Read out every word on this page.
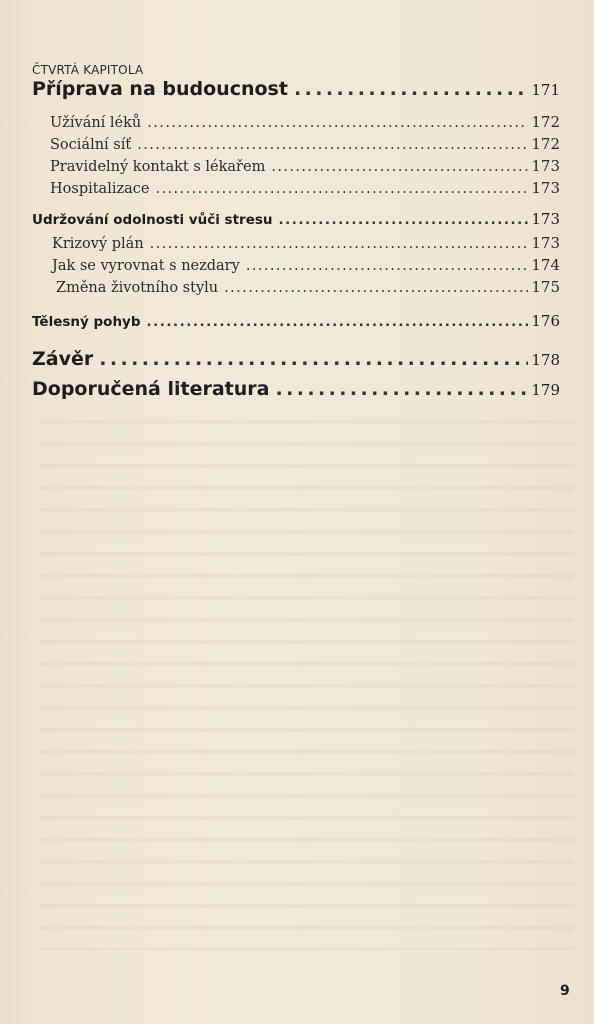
ČTVRTÁ KAPITOLA
Příprava na budoucnost . . .	171
Užívání léků . . .	172
Sociální síť . . .	172
Pravidelný kontakt s lékařem . . .	173
Hospitalizace . . .	173
Udržování odolnosti vůči stresu . . .	173
Krizový plán . . .	173
Jak se vyrovnat s nezdary . . .	174
Změna životního stylu . . .	175
Tělesný pohyb . . .	176
Závěr . . .	178
Doporučená literatura . . .	179
9
